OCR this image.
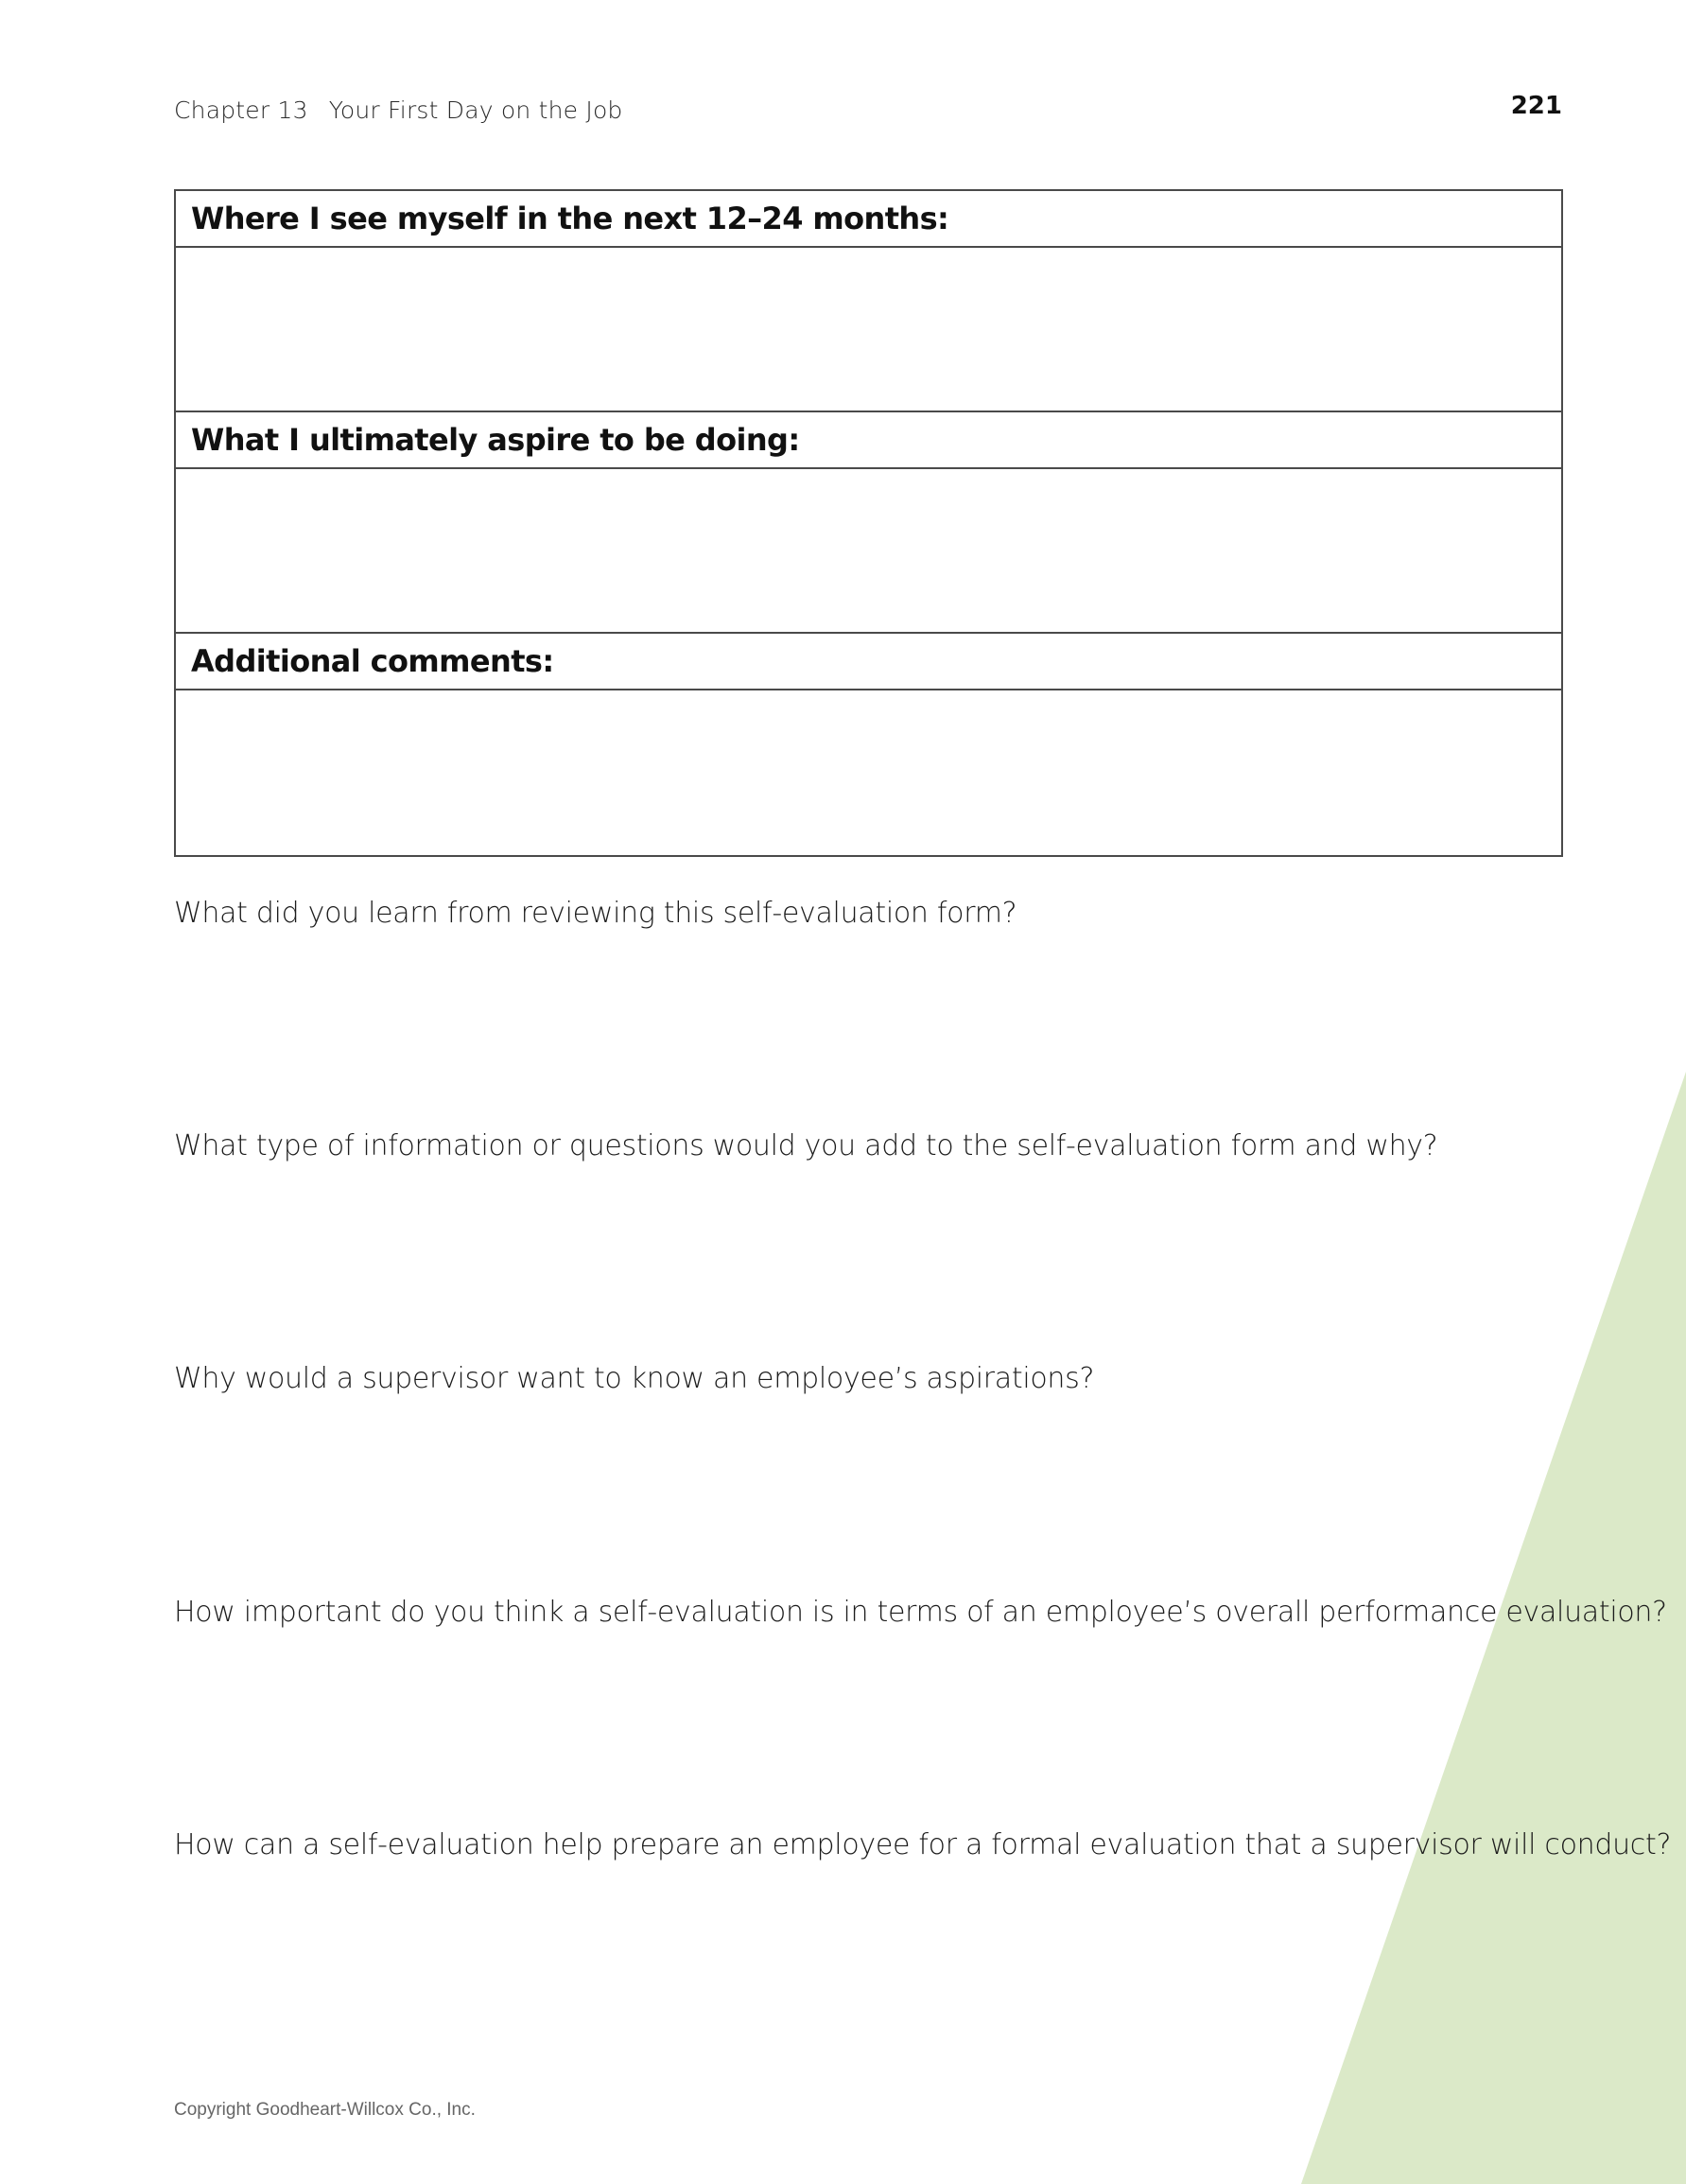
Chapter 13 Your First Day on the Job	221
Where I see myself in the next 12–24 months:
What I ultimately aspire to be doing:
Additional comments:
What did you learn from reviewing this self-evaluation form?
What type of information or questions would you add to the self-evaluation form and why?
Why would a supervisor want to know an employee’s aspirations?
How important do you think a self-evaluation is in terms of an employee’s overall performance evaluation?
How can a self-evaluation help prepare an employee for a formal evaluation that a supervisor will conduct?
Copyright Goodheart-Willcox Co., Inc.
